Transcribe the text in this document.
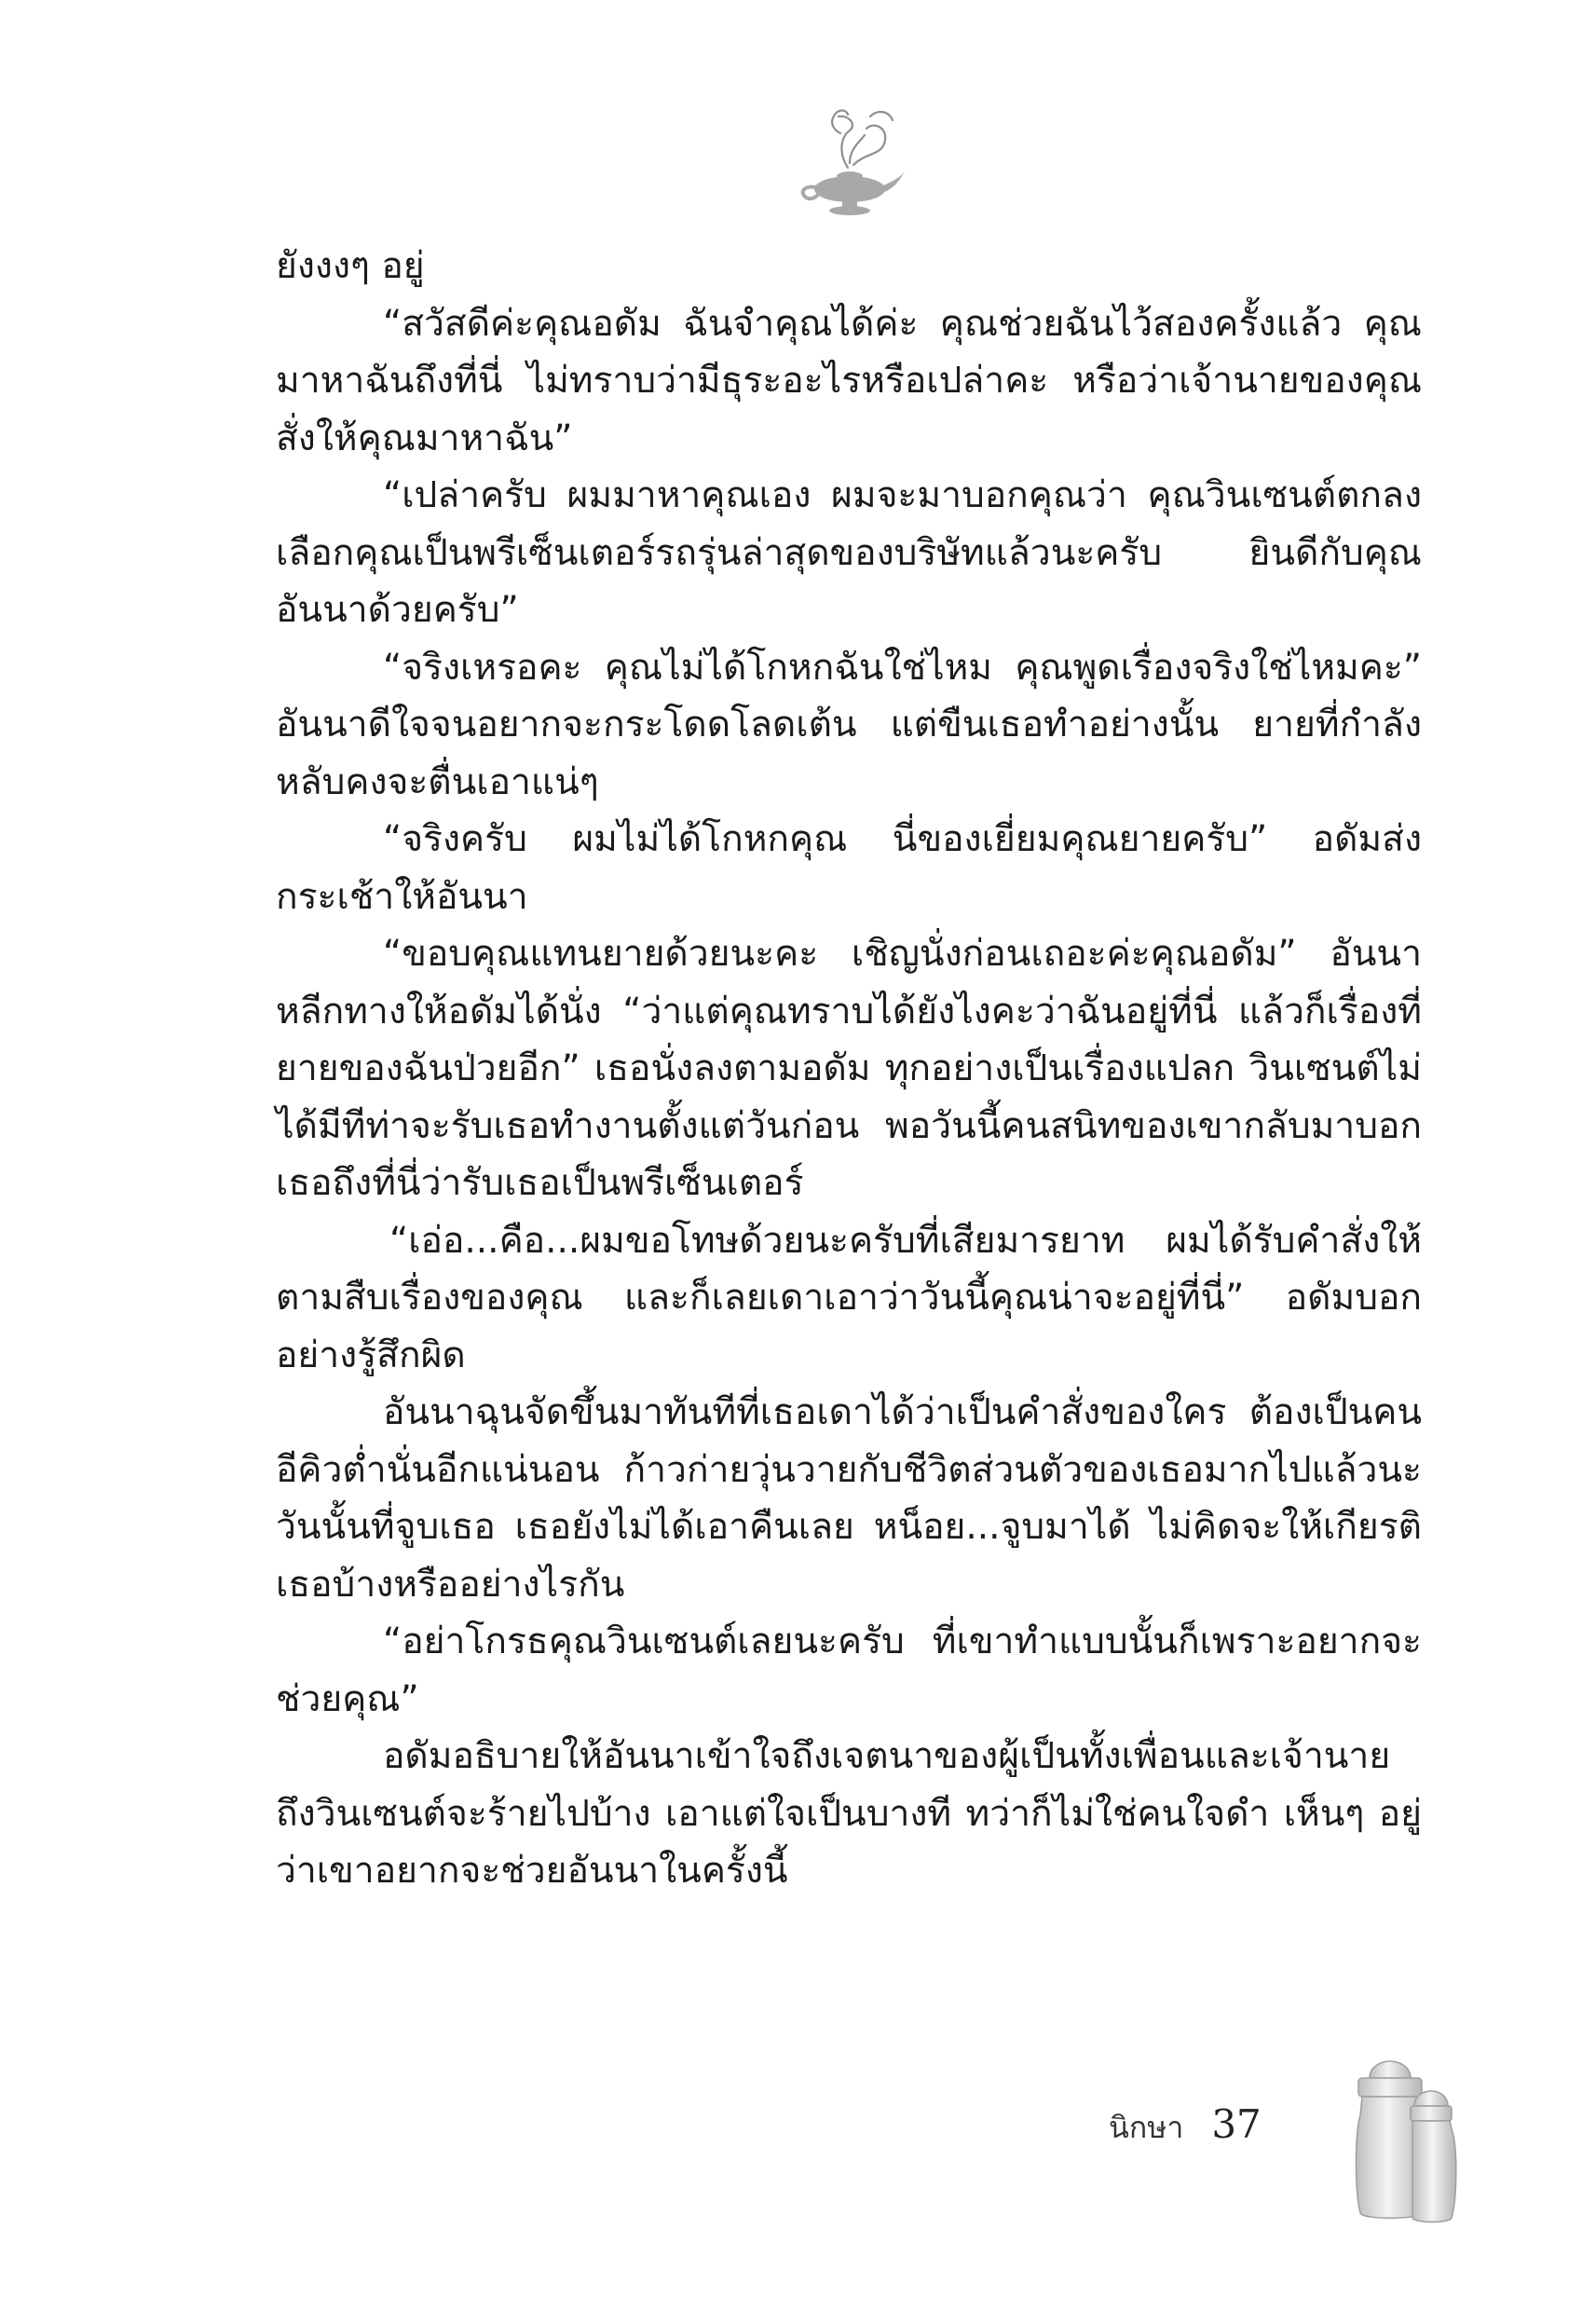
ยังงงๆ อยู่

“สวัสดีค่ะคุณอดัม ฉันจำคุณได้ค่ะ คุณช่วยฉันไว้สองครั้งแล้ว คุณมาหาฉันถึงที่นี่ ไม่ทราบว่ามีธุระอะไรหรือเปล่าคะ หรือว่าเจ้านายของคุณสั่งให้คุณมาหาฉัน”

“เปล่าครับ ผมมาหาคุณเอง ผมจะมาบอกคุณว่า คุณวินเซนต์ตกลงเลือกคุณเป็นพรีเซ็นเตอร์รถรุ่นล่าสุดของบริษัทแล้วนะครับ ยินดีกับคุณอันนาด้วยครับ”

“จริงเหรอคะ คุณไม่ได้โกหกฉันใช่ไหม คุณพูดเรื่องจริงใช่ไหมคะ” อันนาดีใจจนอยากจะกระโดดโลดเต้น แต่ขืนเธอทำอย่างนั้น ยายที่กำลังหลับคงจะตื่นเอาแน่ๆ

“จริงครับ ผมไม่ได้โกหกคุณ นี่ของเยี่ยมคุณยายครับ” อดัมส่งกระเช้าให้อันนา

“ขอบคุณแทนยายด้วยนะคะ เชิญนั่งก่อนเถอะค่ะคุณอดัม” อันนาหลีกทางให้อดัมได้นั่ง “ว่าแต่คุณทราบได้ยังไงคะว่าฉันอยู่ที่นี่ แล้วก็เรื่องที่ยายของฉันป่วยอีก” เธอนั่งลงตามอดัม ทุกอย่างเป็นเรื่องแปลก วินเซนต์ไม่ได้มีทีท่าจะรับเธอทำงานตั้งแต่วันก่อน พอวันนี้คนสนิทของเขากลับมาบอกเธอถึงที่นี่ว่ารับเธอเป็นพรีเซ็นเตอร์

“เอ่อ...คือ...ผมขอโทษด้วยนะครับที่เสียมารยาท ผมได้รับคำสั่งให้ตามสืบเรื่องของคุณ และก็เลยเดาเอาว่าวันนี้คุณน่าจะอยู่ที่นี่” อดัมบอกอย่างรู้สึกผิด

อันนาฉุนจัดขึ้นมาทันทีที่เธอเดาได้ว่าเป็นคำสั่งของใคร ต้องเป็นคนอีคิวต่ำนั่นอีกแน่นอน ก้าวก่ายวุ่นวายกับชีวิตส่วนตัวของเธอมากไปแล้วนะ วันนั้นที่จูบเธอ เธอยังไม่ได้เอาคืนเลย หน็อย...จูบมาได้ ไม่คิดจะให้เกียรติเธอบ้างหรืออย่างไรกัน

“อย่าโกรธคุณวินเซนต์เลยนะครับ ที่เขาทำแบบนั้นก็เพราะอยากจะช่วยคุณ”

อดัมอธิบายให้อันนาเข้าใจถึงเจตนาของผู้เป็นทั้งเพื่อนและเจ้านาย ถึงวินเซนต์จะร้ายไปบ้าง เอาแต่ใจเป็นบางที ทว่าก็ไม่ใช่คนใจดำ เห็นๆ อยู่ว่าเขาอยากจะช่วยอันนาในครั้งนี้

นิกษา 37
